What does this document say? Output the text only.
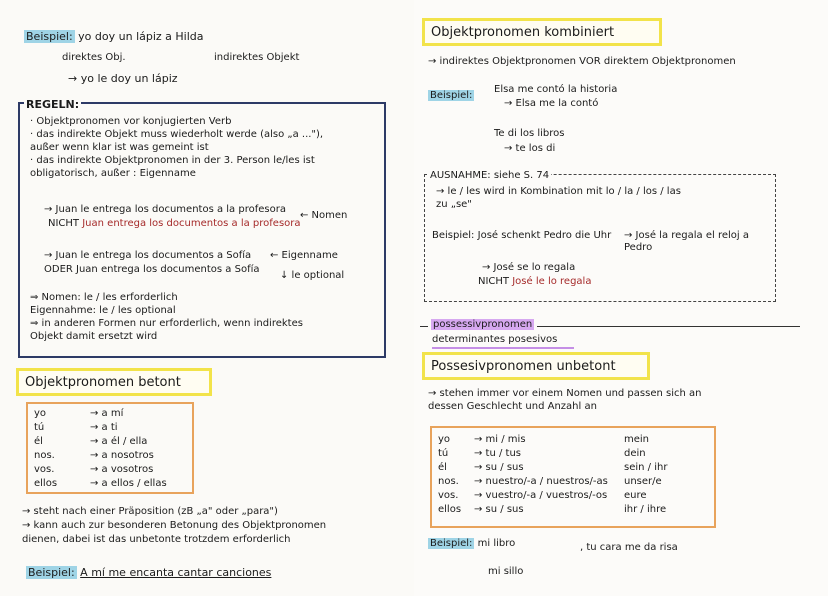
Beispiel: yo doy un lápiz a Hilda
direktes Obj.	indirektes Objekt
→ yo le doy un lápiz
REGELN:
· Objektpronomen vor konjugierten Verb
· das indirekte Objekt muss wiederholt werde (also „a ..."),
außer wenn klar ist was gemeint ist
· das indirekte Objektpronomen in der 3. Person le/les ist
obligatorisch, außer : Eigenname
→ Juan le entrega los documentos a la profesora
NICHT Juan entrega los documentos a la profesora
← Nomen
→ Juan le entrega los documentos a Sofía ← Eigenname
ODER Juan entrega los documentos a Sofía
↓ le optional
⇒ Nomen: le / les erforderlich
Eigennahme: le / les optional
⇒ in anderen Formen nur erforderlich, wenn indirektes
Objekt damit ersetzt wird
Objektpronomen betont
yo	→ a mí
tú	→ a ti
él	→ a él / ella
nos.	→ a nosotros
vos.	→ a vosotros
ellos	→ a ellos / ellas
→ steht nach einer Präposition (zB „a" oder „para")
→ kann auch zur besonderen Betonung des Objektpronomen
dienen, dabei ist das unbetonte trotzdem erforderlich
Beispiel: A mí me encanta cantar canciones
Objektpronomen kombiniert
→ indirektes Objektpronomen VOR direktem Objektpronomen
Beispiel:
Elsa me contó la historia
→ Elsa me la contó
Te di los libros
→ te los di
AUSNAHME: siehe S. 74
→ le / les wird in Kombination mit lo / la / los / las
zu „se"
Beispiel: José schenkt Pedro die Uhr → José la regala el reloj a Pedro
→ José se lo regala
NICHT José le lo regala
possessivpronomen
determinantes posesivos
Possesivpronomen unbetont
→ stehen immer vor einem Nomen und passen sich an
dessen Geschlecht und Anzahl an
yo	→ mi / mis	mein
tú	→ tu / tus	dein
él	→ su / sus	sein / ihr
nos.	→ nuestro/-a / nuestros/-as	unser/e
vos.	→ vuestro/-a / vuestros/-os	eure
ellos	→ su / sus	ihr / ihre
Beispiel: mi libro	, tu cara me da risa
mi sillo
